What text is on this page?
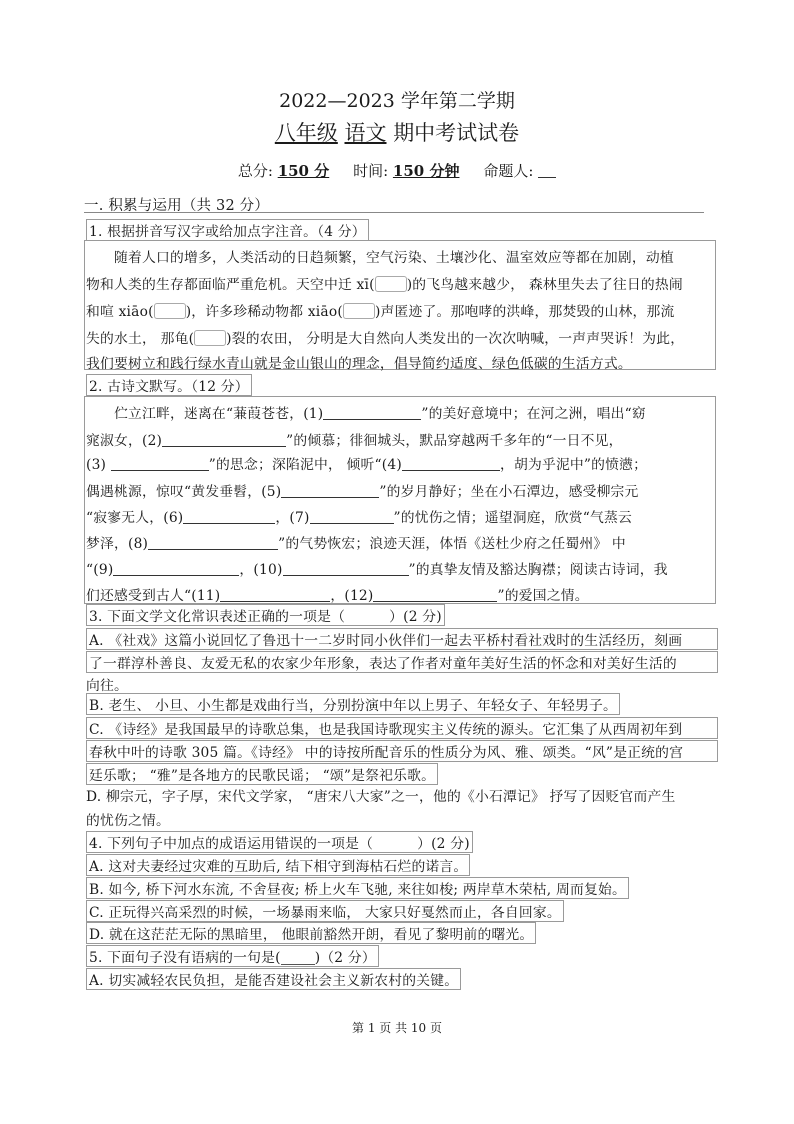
2022—2023 学年第二学期
八年级 语文 期中考试试卷
总分: 150 分 时间: 150 分钟 命题人:
一. 积累与运用（共 32 分）
1. 根据拼音写汉字或给加点字注音。（4 分）
随着人口的增多，人类活动的日趋频繁，空气污染、土壤沙化、温室效应等都在加剧，动植
物和人类的生存都面临严重危机。天空中迁 xī( )的飞鸟越来越少， 森林里失去了往日的热闹
和喧 xiāo( )，许多珍稀动物都 xiāo( )声匿迹了。那咆哮的洪峰，那焚毁的山林，那流
失的水土， 那龟( )裂的农田， 分明是大自然向人类发出的一次次呐喊，一声声哭诉！为此，
我们要树立和践行绿水青山就是金山银山的理念，倡导简约适度、绿色低碳的生活方式。
2. 古诗文默写。（12 分）
伫立江畔，迷离在“蒹葭苍苍，(1)	”的美好意境中；在河之洲，唱出“窈
窕淑女，(2)	”的倾慕；徘徊城头，默品穿越两千多年的“一日不见，
(3)	”的思念；深陷泥中， 倾听“(4)	，胡为乎泥中”的愤懑；
偶遇桃源，惊叹“黄发垂髫，(5)	”的岁月静好；坐在小石潭边，感受柳宗元
“寂寥无人，(6)	，(7)	”的忧伤之情；遥望洞庭，欣赏“气蒸云
梦泽，(8)	”的气势恢宏；浪迹天涯，体悟《送杜少府之任蜀州》 中
“(9)	，(10)	”的真挚友情及豁达胸襟；阅读古诗词，我
们还感受到古人“(11)	，(12)	”的爱国之情。
3. 下面文学文化常识表述正确的一项是（	）(2 分)
A. 《社戏》这篇小说回忆了鲁迅十一二岁时同小伙伴们一起去平桥村看社戏时的生活经历，刻画
了一群淳朴善良、友爱无私的农家少年形象，表达了作者对童年美好生活的怀念和对美好生活的
向往。
B. 老生、 小旦、小生都是戏曲行当，分别扮演中年以上男子、年轻女子、年轻男子。
C. 《诗经》是我国最早的诗歌总集，也是我国诗歌现实主义传统的源头。它汇集了从西周初年到
春秋中叶的诗歌 305 篇。《诗经》 中的诗按所配音乐的性质分为风、雅、颂类。“风”是正统的宫
廷乐歌； “雅”是各地方的民歌民谣； “颂”是祭祀乐歌。
D. 柳宗元，字子厚，宋代文学家， “唐宋八大家”之一，他的《小石潭记》 抒写了因贬官而产生
的忧伤之情。
4. 下列句子中加点的成语运用错误的一项是（	）(2 分)
A. 这对夫妻经过灾难的互助后, 结下相守到海枯石烂的诺言。
B. 如今, 桥下河水东流, 不舍昼夜; 桥上火车飞驰, 来往如梭; 两岸草木荣枯, 周而复始。
C. 正玩得兴高采烈的时候，一场暴雨来临， 大家只好戛然而止，各自回家。
D. 就在这茫茫无际的黑暗里， 他眼前豁然开朗，看见了黎明前的曙光。
5. 下面句子没有语病的一句是( )（2 分）
A. 切实减轻农民负担，是能否建设社会主义新农村的关键。
第 1 页 共 10 页
